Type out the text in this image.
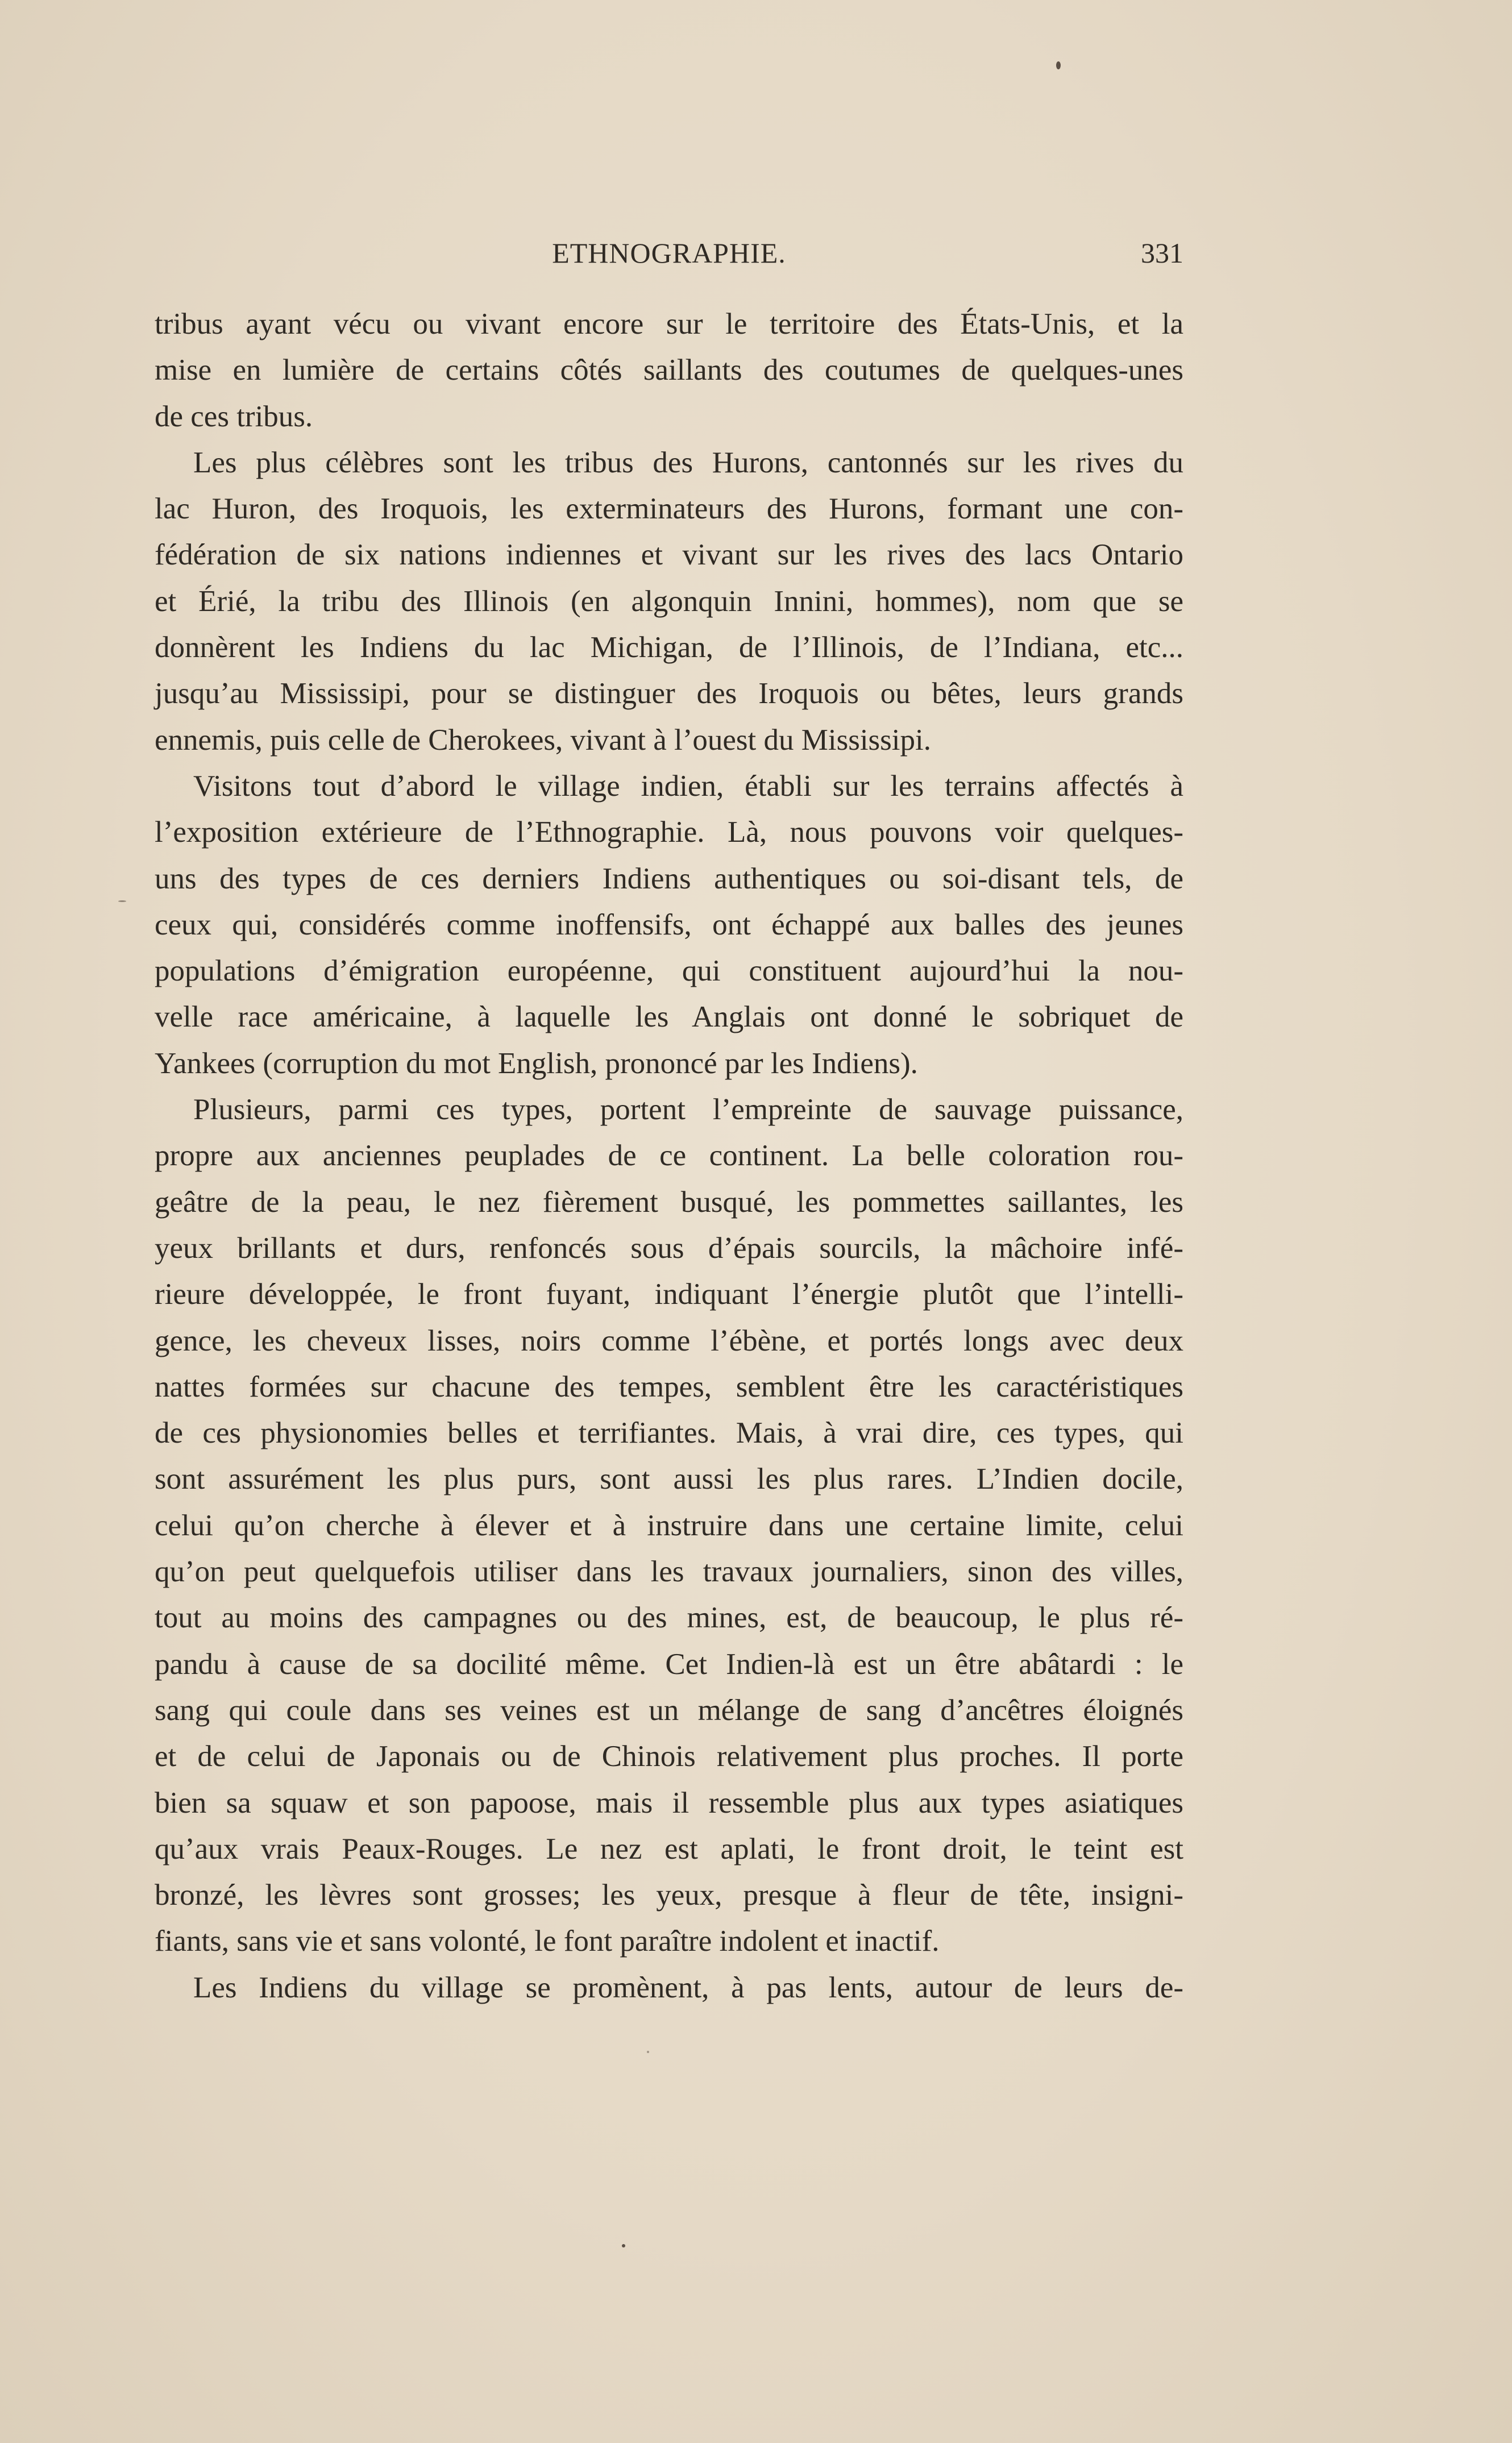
ETHNOGRAPHIE.	331
tribus ayant vécu ou vivant encore sur le territoire des États-Unis, et la
mise en lumière de certains côtés saillants des coutumes de quelques-unes
de ces tribus.
Les plus célèbres sont les tribus des Hurons, cantonnés sur les rives du
lac Huron, des Iroquois, les exterminateurs des Hurons, formant une con-
fédération de six nations indiennes et vivant sur les rives des lacs Ontario
et Érié, la tribu des Illinois (en algonquin Innini, hommes), nom que se
donnèrent les Indiens du lac Michigan, de l’Illinois, de l’Indiana, etc...
jusqu’au Mississipi, pour se distinguer des Iroquois ou bêtes, leurs grands
ennemis, puis celle de Cherokees, vivant à l’ouest du Mississipi.
Visitons tout d’abord le village indien, établi sur les terrains affectés à
l’exposition extérieure de l’Ethnographie. Là, nous pouvons voir quelques-
uns des types de ces derniers Indiens authentiques ou soi-disant tels, de
ceux qui, considérés comme inoffensifs, ont échappé aux balles des jeunes
populations d’émigration européenne, qui constituent aujourd’hui la nou-
velle race américaine, à laquelle les Anglais ont donné le sobriquet de
Yankees (corruption du mot English, prononcé par les Indiens).
Plusieurs, parmi ces types, portent l’empreinte de sauvage puissance,
propre aux anciennes peuplades de ce continent. La belle coloration rou-
geâtre de la peau, le nez fièrement busqué, les pommettes saillantes, les
yeux brillants et durs, renfoncés sous d’épais sourcils, la mâchoire infé-
rieure développée, le front fuyant, indiquant l’énergie plutôt que l’intelli-
gence, les cheveux lisses, noirs comme l’ébène, et portés longs avec deux
nattes formées sur chacune des tempes, semblent être les caractéristiques
de ces physionomies belles et terrifiantes. Mais, à vrai dire, ces types, qui
sont assurément les plus purs, sont aussi les plus rares. L’Indien docile,
celui qu’on cherche à élever et à instruire dans une certaine limite, celui
qu’on peut quelquefois utiliser dans les travaux journaliers, sinon des villes,
tout au moins des campagnes ou des mines, est, de beaucoup, le plus ré-
pandu à cause de sa docilité même. Cet Indien-là est un être abâtardi : le
sang qui coule dans ses veines est un mélange de sang d’ancêtres éloignés
et de celui de Japonais ou de Chinois relativement plus proches. Il porte
bien sa squaw et son papoose, mais il ressemble plus aux types asiatiques
qu’aux vrais Peaux-Rouges. Le nez est aplati, le front droit, le teint est
bronzé, les lèvres sont grosses; les yeux, presque à fleur de tête, insigni-
fiants, sans vie et sans volonté, le font paraître indolent et inactif.
Les Indiens du village se promènent, à pas lents, autour de leurs de-
